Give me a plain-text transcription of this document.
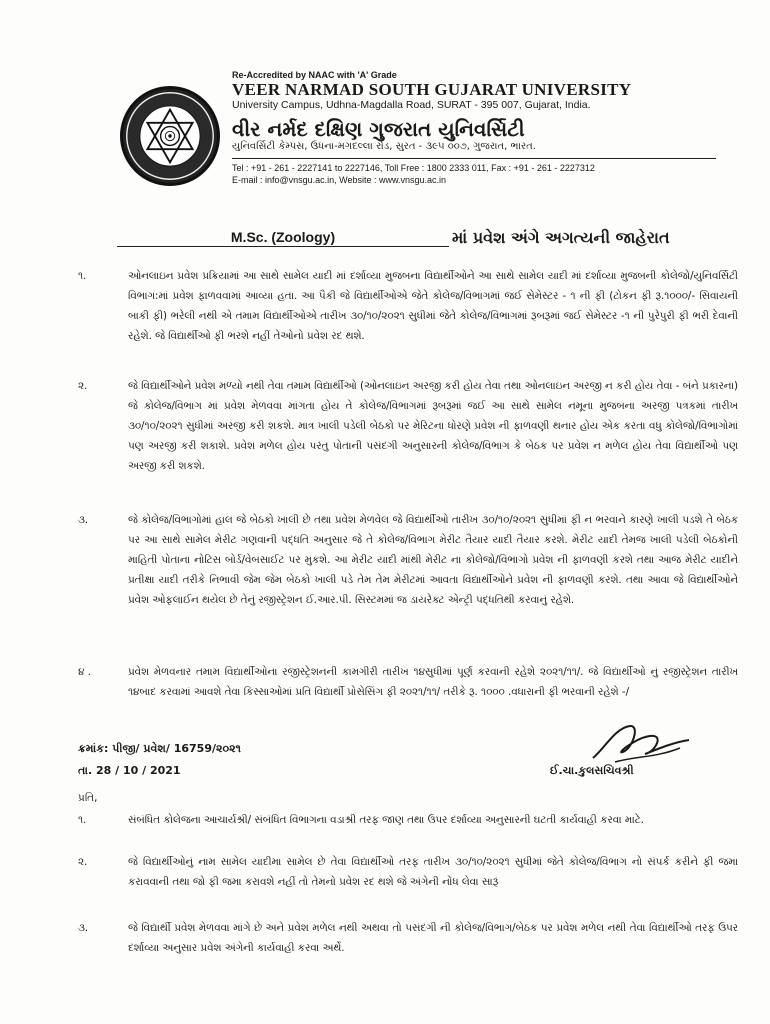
Re-Accredited by NAAC with 'A' Grade
VEER NARMAD SOUTH GUJARAT UNIVERSITY
University Campus, Udhna-Magdalla Road, SURAT - 395 007, Gujarat, India.
વીર નર્મદ દક્ષિણ ગુજરાત યુનિવર્સિટી
યુનિવર્સિટી કેમ્પસ, ઉધના-મગદલ્લા રોડ, સુરત - ૩૯૫ ૦૦૭, ગુજરાત, ભારત.
Tel : +91 - 261 - 2227141 to 2227146, Toll Free : 1800 2333 011, Fax : +91 - 261 - 2227312
E-mail : info@vnsgu.ac.in, Website : www.vnsgu.ac.in
M.Sc. (Zoology)	માં પ્રવેશ અંગે અગત્યની જાહેરાત
૧.	ઓનલાઇન પ્રવેશ પ્રક્રિયામાં આ સાથે સામેલ યાદી માં દર્શાવ્યા મુજબના વિદ્યાર્થીઓને આ સાથે સામેલ યાદી માં દર્શાવ્યા મુજબની કોલેજો/યુનિવર્સિટી વિભાગ:માં પ્રવેશ ફાળવવામાં આવ્યા હતા. આ પૈકી જે વિદ્યાર્થીઓએ જેતે કોલેજ/વિભાગમાં જઈ સેમેસ્ટર - ૧ ની ફી (ટોકન ફી રૂ.૧૦૦૦/- સિવાયની બાકી ફી) ભરેલી નથી એ તમામ વિદ્યાર્થીઓએ તારીખ ૩૦/૧૦/૨૦૨૧ સુધીમાં જેતે કોલેજ/વિભાગમાં રૂબરૂમાં જઈ સેમેસ્ટર -૧ ની પુરેપુરી ફી ભરી દેવાની રહેશે. જે વિદ્યાર્થીઓ ફી ભરશે નહીં તેઓનો પ્રવેશ રદ થશે.
૨.	જે વિદ્યાર્થીઓને પ્રવેશ મળ્યો નથી તેવા તમામ વિદ્યાર્થીઓ (ઓનલાઇન અરજી કરી હોય તેવા તથા ઓનલાઇન અરજી ન કરી હોય તેવા - બંને પ્રકારના) જે કોલેજ/વિભાગ માં પ્રવેશ મેળવવા માંગતા હોય તે કોલેજ/વિભાગમાં રૂબરૂમાં જઈ આ સાથે સામેલ નમૂના મુજબના અરજી પત્રકમાં તારીખ ૩૦/૧૦/૨૦૨૧ સુધીમાં અરજી કરી શકશે. માત્ર ખાલી પડેલી બેઠકો પર મેરિટના ધોરણે પ્રવેશ ની ફાળવણી થનાર હોય એક કરતા વધુ કોલેજો/વિભાગોમાં પણ અરજી કરી શકાશે. પ્રવેશ મળેલ હોય પરંતુ પોતાની પસંદગી અનુસારની કોલેજ/વિભાગ કે બેઠક પર પ્રવેશ ન મળેલ હોય તેવા વિદ્યાર્થીઓ પણ અરજી કરી શકશે.
૩.	જે કોલેજ/વિભાગોમાં હાલ જે બેઠકો ખાલી છે તથા પ્રવેશ મેળવેલ જે વિદ્યાર્થીઓ તારીખ ૩૦/૧૦/૨૦૨૧ સુધીમાં ફી ન ભરવાને કારણે ખાલી પડશે તે બેઠક પર આ સાથે સામેલ મેરીટ ગણવાની પદ્ધતિ અનુસાર જે તે કોલેજ/વિભાગ મેરીટ તૈયાર યાદી તૈયાર કરશે. મેરીટ યાદી તેમજ ખાલી પડેલી બેઠકોની માહિતી પોતાના નોટિસ બોર્ડ/વેબસાઈટ પર મુકશે. આ મેરીટ યાદી માંથી મેરીટ ના કોલેજો/વિભાગો પ્રવેશ ની ફાળવણી કરશે તથા આજ મેરીટ યાદીને પ્રતીક્ષા યાદી તરીકે નિભાવી જેમ જેમ બેઠકો ખાલી પડે તેમ તેમ મેરીટમાં આવતા વિદ્યાર્થીઓને પ્રવેશ ની ફાળવણી કરશે. તથા આવા જે વિદ્યાર્થીઓને પ્રવેશ ઓફલાઈન થયેલ છે તેનું રજીસ્ટ્રેશન ઈ.આર.પી. સિસ્ટમમાં જ ડાયરેક્ટ એન્ટ્રી પદ્ધતિથી કરવાનું રહેશે.
૪ .	પ્રવેશ મેળવનાર તમામ વિદ્યાર્થીઓના રજીસ્ટ્રેશનની કામગીરી તારીખ ૧૪સુધીમાં પૂર્ણ કરવાની રહેશે ૨૦૨૧/૧૧/. જે વિદ્યાર્થીઓ નું રજીસ્ટ્રેશન તારીખ ૧૪બાદ કરવામાં આવશે તેવા કિસ્સાઓમાં પ્રતિ વિદ્યાર્થી પ્રોસેસિંગ ફી ૨૦૨૧/૧૧/ તરીકે રૂ. ૧૦૦૦ .વધારાની ફી ભરવાની રહેશે -/
ક્રમાંક: પીજી/ પ્રવેશ/ 16759/૨૦૨૧
તા. 28 / 10 / 2021	ઈ.ચા.કુલસચિવશ્રી
પ્રતિ,
૧.	સંબંધિત કોલેજના આચાર્યશ્રી/ સંબંધિત વિભાગના વડાશ્રી તરફ જાણ તથા ઉપર દર્શાવ્યા અનુસારની ઘટતી કાર્યવાહી કરવા માટે.
૨.	જે વિદ્યાર્થીઓનું નામ સામેલ યાદીમા સામેલ છે તેવા વિદ્યાર્થીઓ તરફ તારીખ ૩૦/૧૦/૨૦૨૧ સુધીમાં જેતે કોલેજ/વિભાગ નો સંપર્ક કરીને ફી જમા કરાવવાની તથા જો ફી જમા કરાવશે નહીં તો તેમનો પ્રવેશ રદ થશે જે અંગેની નોંધ લેવા સારૂં
૩.	જે વિદ્યાર્થી પ્રવેશ મેળવવા માંગે છે અને પ્રવેશ મળેલ નથી અથવા તો પસંદગી ની કોલેજ/વિભાગ/બેઠક પર પ્રવેશ મળેલ નથી તેવા વિદ્યાર્થીઓ તરફ ઉપર દર્શાવ્યા અનુસાર પ્રવેશ અંગેની કાર્યવાહી કરવા અર્થે.
